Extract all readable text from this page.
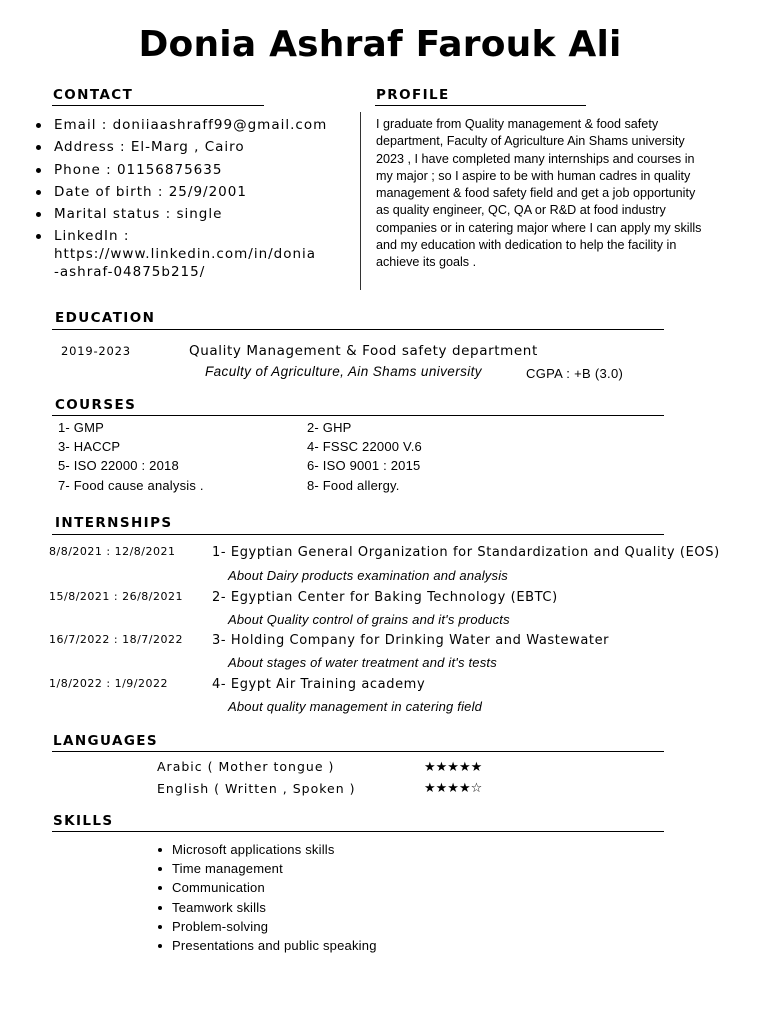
Donia Ashraf Farouk Ali
CONTACT
Email : doniiaashraff99@gmail.com
Address : El-Marg , Cairo
Phone : 01156875635
Date of birth : 25/9/2001
Marital status : single
LinkedIn :
https://www.linkedin.com/in/donia
-ashraf-04875b215/
PROFILE
I graduate from Quality management & food safety department, Faculty of Agriculture Ain Shams university 2023 , I have completed many internships and courses in my major ; so I aspire to be with human cadres in quality management & food safety field and get a job opportunity as quality engineer, QC, QA or R&D at food industry companies or in catering major where I can apply my skills and my education with dedication to help the facility in achieve its goals .
EDUCATION
2019-2023	Quality Management & Food safety department
Faculty of Agriculture, Ain Shams university	CGPA : +B (3.0)
COURSES
1- GMP	2- GHP
3- HACCP	4- FSSC 22000 V.6
5- ISO 22000 : 2018	6- ISO 9001 : 2015
7- Food cause analysis .	8- Food allergy.
INTERNSHIPS
8/8/2021 : 12/8/2021	1- Egyptian General Organization for Standardization and Quality (EOS)
About Dairy products examination and analysis
15/8/2021 : 26/8/2021 2- Egyptian Center for Baking Technology (EBTC)
About Quality control of grains and it's products
16/7/2022 : 18/7/2022 3- Holding Company for Drinking Water and Wastewater
About stages of water treatment and it's tests
1/8/2022 : 1/9/2022	4- Egypt Air Training academy
About quality management in catering field
LANGUAGES
Arabic ( Mother tongue )	★★★★★
English ( Written , Spoken )	★★★★☆
SKILLS
Microsoft applications skills
Time management
Communication
Teamwork skills
Problem-solving
Presentations and public speaking
